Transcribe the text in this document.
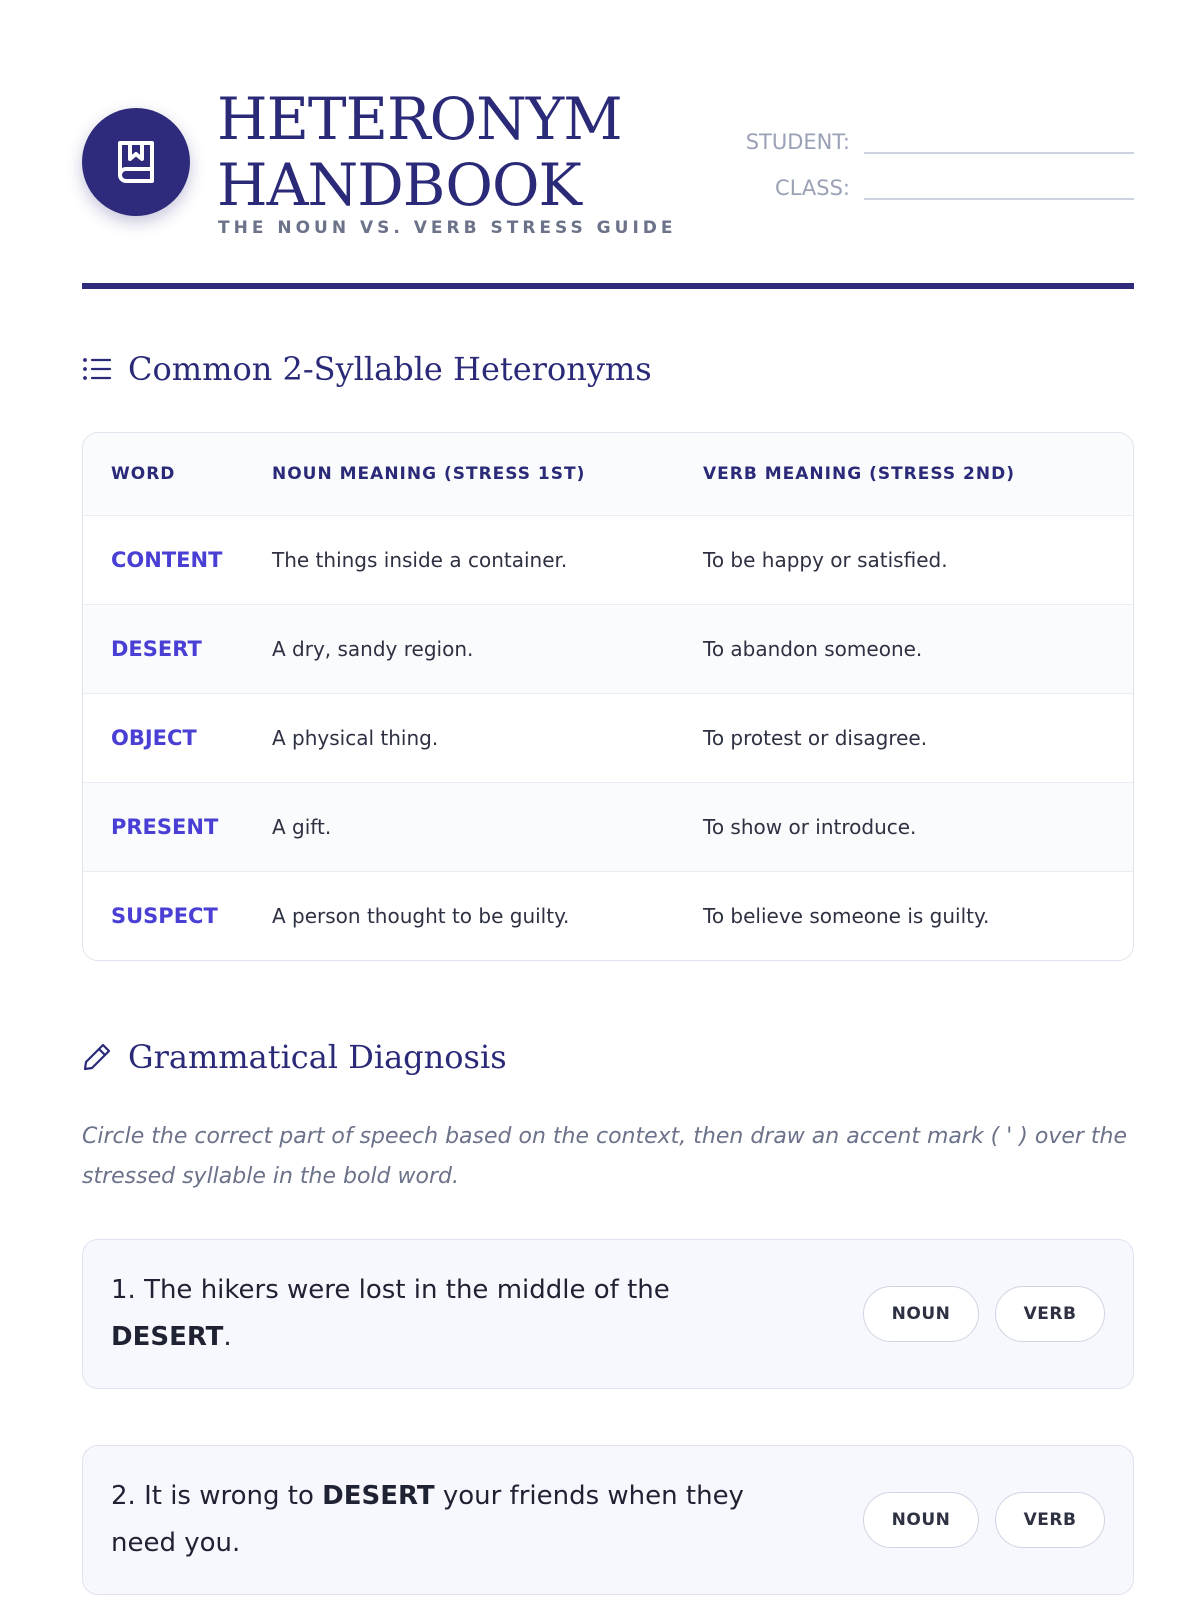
HETERONYM
HANDBOOK
THE NOUN VS. VERB STRESS GUIDE
STUDENT:
CLASS:
Common 2-Syllable Heteronyms
WORD	NOUN MEANING (STRESS 1ST)	VERB MEANING (STRESS 2ND)
CONTENT	The things inside a container.	To be happy or satisfied.
DESERT	A dry, sandy region.	To abandon someone.
OBJECT	A physical thing.	To protest or disagree.
PRESENT	A gift.	To show or introduce.
SUSPECT	A person thought to be guilty.	To believe someone is guilty.
Grammatical Diagnosis
Circle the correct part of speech based on the context, then draw an accent mark ( ' ) over the stressed syllable in the bold word.
1. The hikers were lost in the middle of the DESERT.
NOUN	VERB
2. It is wrong to DESERT your friends when they need you.
NOUN	VERB
